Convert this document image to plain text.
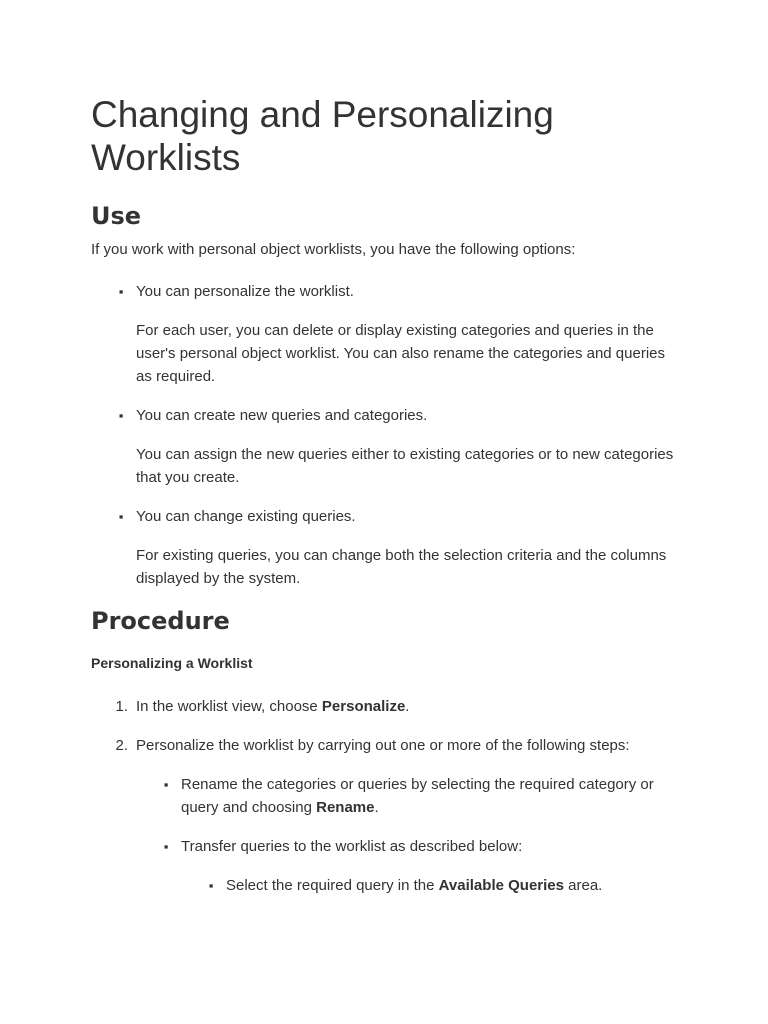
Changing and Personalizing
Worklists
Use

If you work with personal object worklists, you have the following options:

▪ You can personalize the worklist.

For each user, you can delete or display existing categories and queries in the
user's personal object worklist. You can also rename the categories and queries
as required.

▪ You can create new queries and categories.

You can assign the new queries either to existing categories or to new categories
that you create.

▪ You can change existing queries.

For existing queries, you can change both the selection criteria and the columns
displayed by the system.

Procedure

Personalizing a Worklist

1. In the worklist view, choose Personalize.
2. Personalize the worklist by carrying out one or more of the following steps:
▪ Rename the categories or queries by selecting the required category or
query and choosing Rename.
▪ Transfer queries to the worklist as described below:
▪ Select the required query in the Available Queries area.
